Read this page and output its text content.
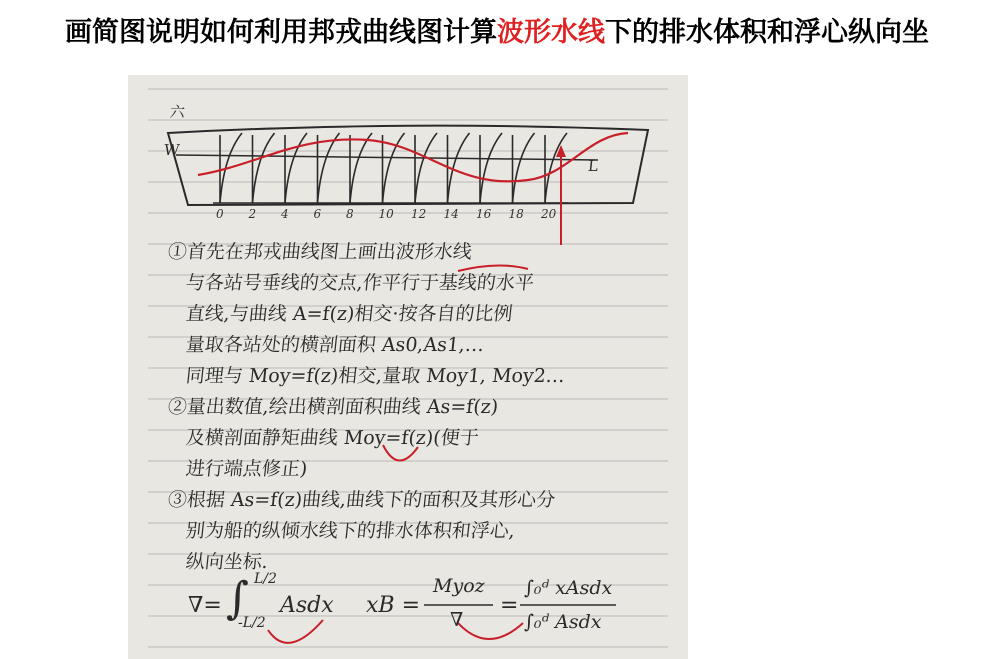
画简图说明如何利用邦戎曲线图计算波形水线下的排水体积和浮心纵向坐
六
W
L
0 2 4 6 8 10 12 14 16 18 20
①首先在邦戎曲线图上画出波形水线
与各站号垂线的交点,作平行于基线的水平
直线,与曲线 A=f(z)相交·按各自的比例
量取各站处的横剖面积 As0,As1,…
同理与 Moy=f(z)相交,量取 Moy1, Moy2…
②量出数值,绘出横剖面积曲线 As=f(z)
及横剖面静矩曲线 Moy=f(z)(便于
进行端点修正)
③根据 As=f(z)曲线,曲线下的面积及其形心分
别为船的纵倾水线下的排水体积和浮心,
纵向坐标.
∇= ∫ L/2
-L/2
Asdx xB =
Myoz
∇
=
∫₀ᵈ xAsdx
∫₀ᵈ Asdx
